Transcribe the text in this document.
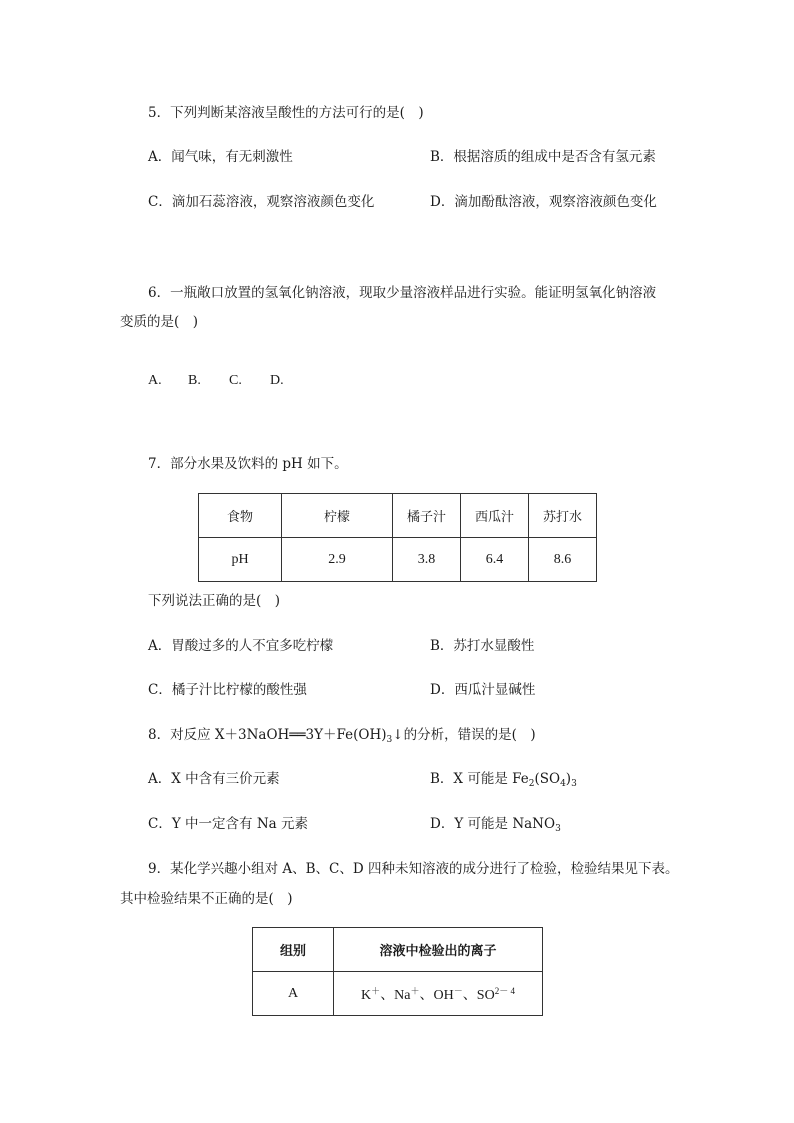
5．下列判断某溶液呈酸性的方法可行的是(　)
A．闻气味，有无刺激性	B．根据溶质的组成中是否含有氢元素
C．滴加石蕊溶液，观察溶液颜色变化	D．滴加酚酞溶液，观察溶液颜色变化
6．一瓶敞口放置的氢氧化钠溶液，现取少量溶液样品进行实验。能证明氢氧化钠溶液
变质的是(　)
A. B. C. D.
7．部分水果及饮料的 pH 如下。
食物	柠檬	橘子汁	西瓜汁	苏打水
pH	2.9	3.8	6.4	8.6
下列说法正确的是(　)
A．胃酸过多的人不宜多吃柠檬	B．苏打水显酸性
C．橘子汁比柠檬的酸性强	D．西瓜汁显碱性
8．对反应 $X+3NaOH══3Y+Fe(OH)_3↓$的分析，错误的是(　)
A．X 中含有三价元素	B．X 可能是 $Fe_2(SO_4)_3$
C．Y 中一定含有 Na 元素	D．Y 可能是 NaNO$_3$
9．某化学兴趣小组对 A、B、C、D 四种未知溶液的成分进行了检验，检验结果见下表。
其中检验结果不正确的是(　)
组别	溶液中检验出的离子
A	K＋、Na＋、OH－、$SO^{2- 4}$
